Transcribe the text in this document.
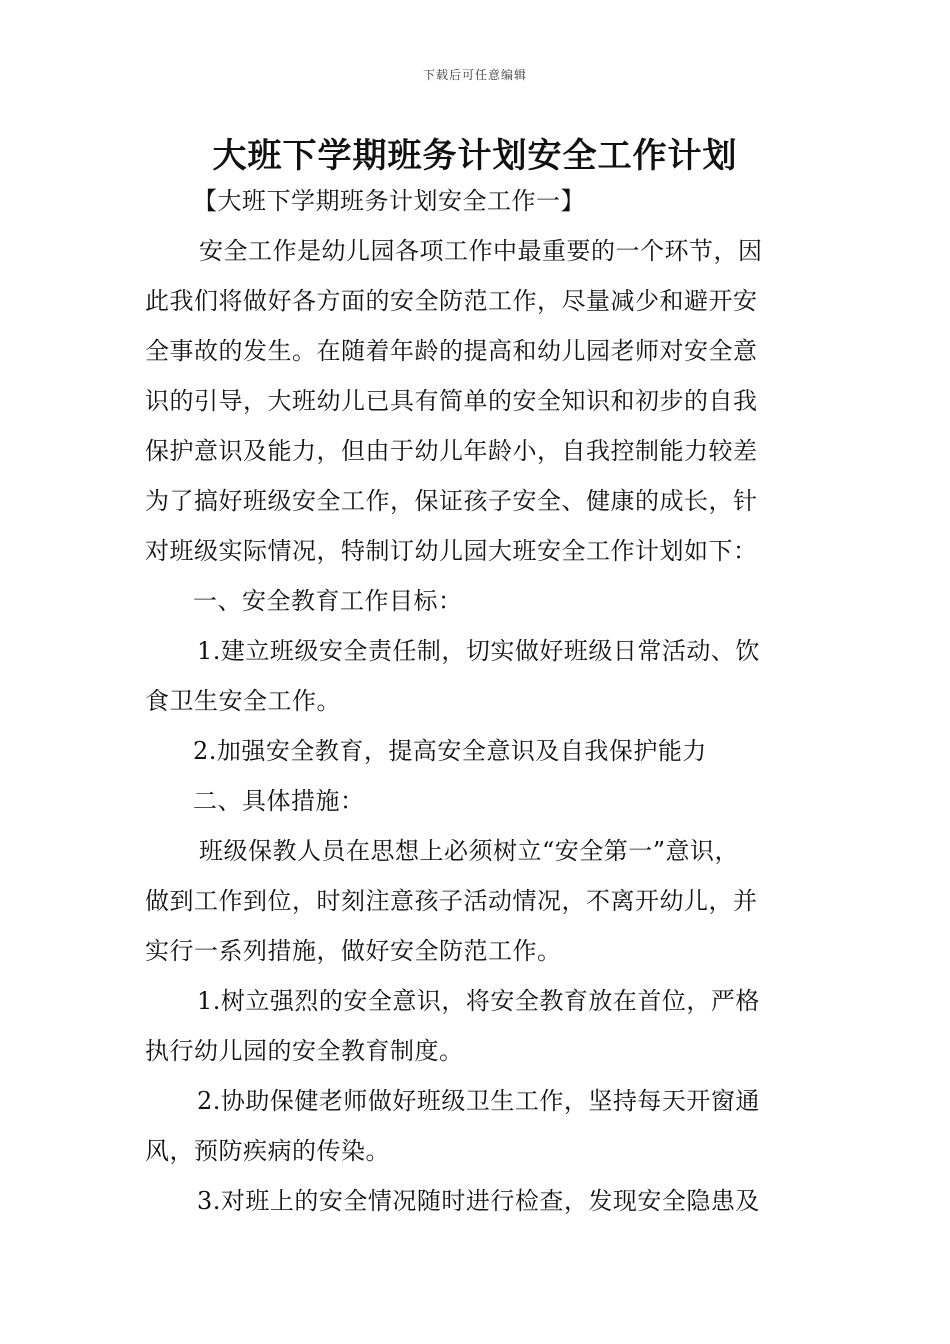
下载后可任意编辑
大班下学期班务计划安全工作计划
【大班下学期班务计划安全工作一】
安全工作是幼儿园各项工作中最重要的一个环节，因
此我们将做好各方面的安全防范工作，尽量减少和避开安
全事故的发生。在随着年龄的提高和幼儿园老师对安全意
识的引导，大班幼儿已具有简单的安全知识和初步的自我
保护意识及能力，但由于幼儿年龄小，自我控制能力较差
为了搞好班级安全工作，保证孩子安全、健康的成长，针
对班级实际情况，特制订幼儿园大班安全工作计划如下：
一、安全教育工作目标：
1.建立班级安全责任制，切实做好班级日常活动、饮
食卫生安全工作。
2.加强安全教育，提高安全意识及自我保护能力
二、具体措施：
班级保教人员在思想上必须树立“安全第一”意识，
做到工作到位，时刻注意孩子活动情况，不离开幼儿，并
实行一系列措施，做好安全防范工作。
1.树立强烈的安全意识，将安全教育放在首位，严格
执行幼儿园的安全教育制度。
2.协助保健老师做好班级卫生工作，坚持每天开窗通
风，预防疾病的传染。
3.对班上的安全情况随时进行检查，发现安全隐患及
